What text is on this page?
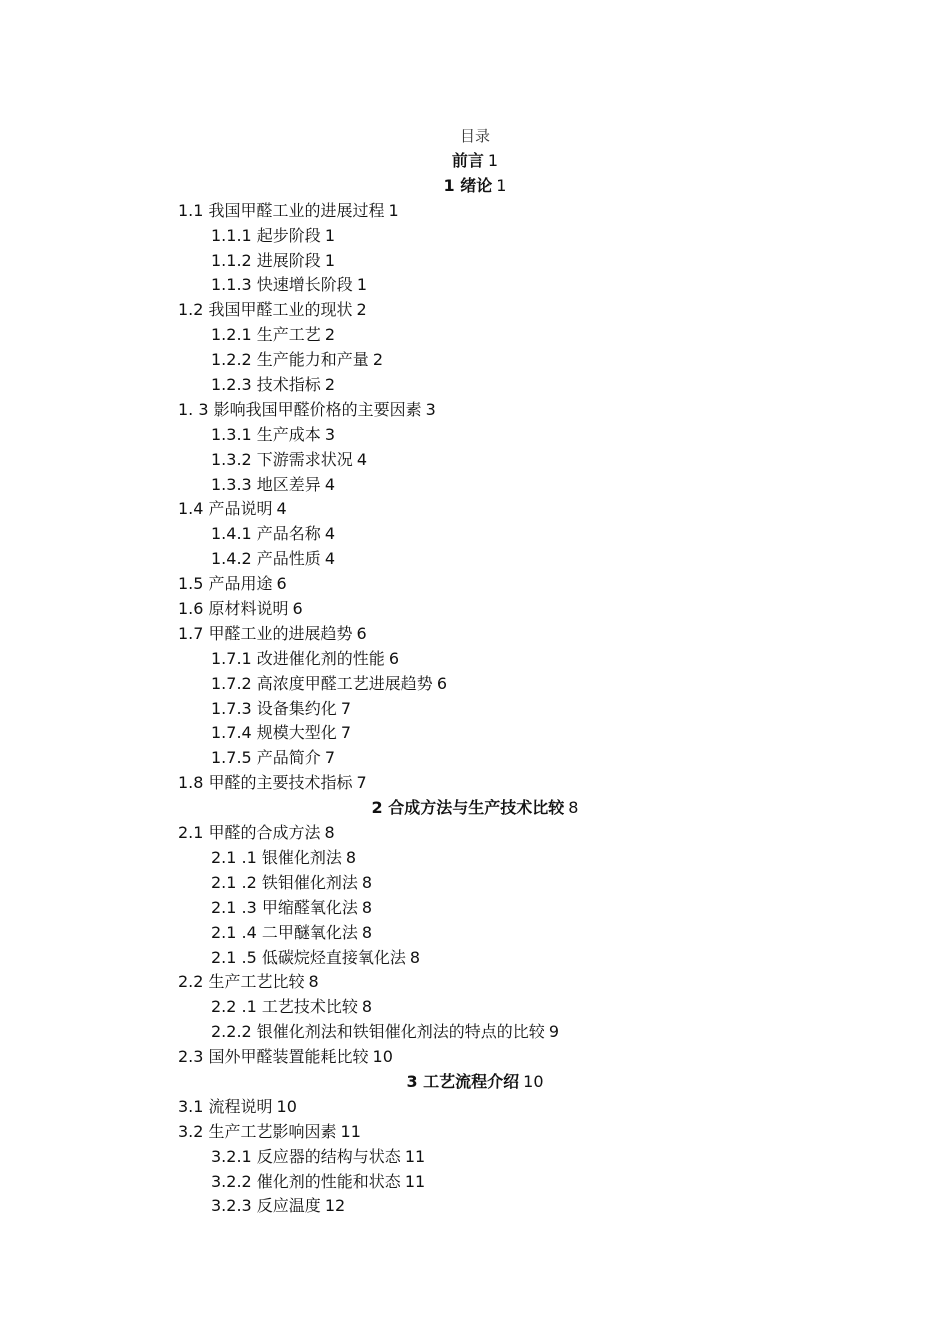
目录
前言 1
1 绪论 1
1.1 我国甲醛工业的进展过程 1
1.1.1 起步阶段 1
1.1.2 进展阶段 1
1.1.3 快速增长阶段 1
1.2 我国甲醛工业的现状 2
1.2.1 生产工艺 2
1.2.2 生产能力和产量 2
1.2.3 技术指标 2
1. 3 影响我国甲醛价格的主要因素 3
1.3.1 生产成本 3
1.3.2 下游需求状况 4
1.3.3 地区差异 4
1.4 产品说明 4
1.4.1 产品名称 4
1.4.2 产品性质 4
1.5 产品用途 6
1.6 原材料说明 6
1.7 甲醛工业的进展趋势 6
1.7.1 改进催化剂的性能 6
1.7.2 高浓度甲醛工艺进展趋势 6
1.7.3 设备集约化 7
1.7.4 规模大型化 7
1.7.5 产品简介 7
1.8 甲醛的主要技术指标 7
2 合成方法与生产技术比较 8
2.1 甲醛的合成方法 8
2.1 .1 银催化剂法 8
2.1 .2 铁钼催化剂法 8
2.1 .3 甲缩醛氧化法 8
2.1 .4 二甲醚氧化法 8
2.1 .5 低碳烷烃直接氧化法 8
2.2 生产工艺比较 8
2.2 .1 工艺技术比较 8
2.2.2 银催化剂法和铁钼催化剂法的特点的比较 9
2.3 国外甲醛装置能耗比较 10
3 工艺流程介绍 10
3.1 流程说明 10
3.2 生产工艺影响因素 11
3.2.1 反应器的结构与状态 11
3.2.2 催化剂的性能和状态 11
3.2.3 反应温度 12
